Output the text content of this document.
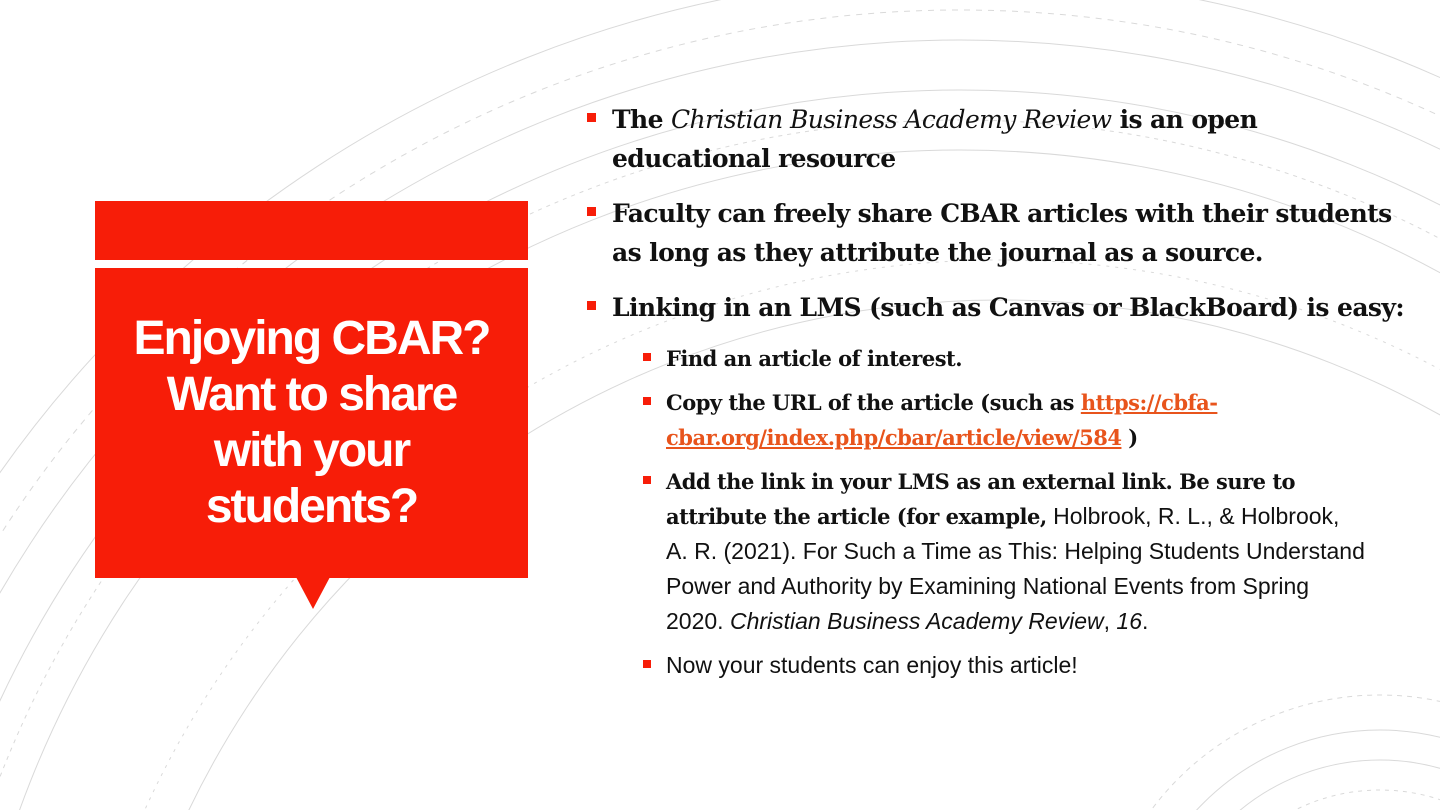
Enjoying CBAR?
Want to share
with your
students?
The Christian Business Academy Review is an open educational resource
Faculty can freely share CBAR articles with their students as long as they attribute the journal as a source.
Linking in an LMS (such as Canvas or BlackBoard) is easy:
Find an article of interest.
Copy the URL of the article (such as https://cbfa-cbar.org/index.php/cbar/article/view/584 )
Add the link in your LMS as an external link. Be sure to attribute the article (for example, Holbrook, R. L., & Holbrook, A. R. (2021). For Such a Time as This: Helping Students Understand Power and Authority by Examining National Events from Spring 2020. Christian Business Academy Review, 16.
Now your students can enjoy this article!
